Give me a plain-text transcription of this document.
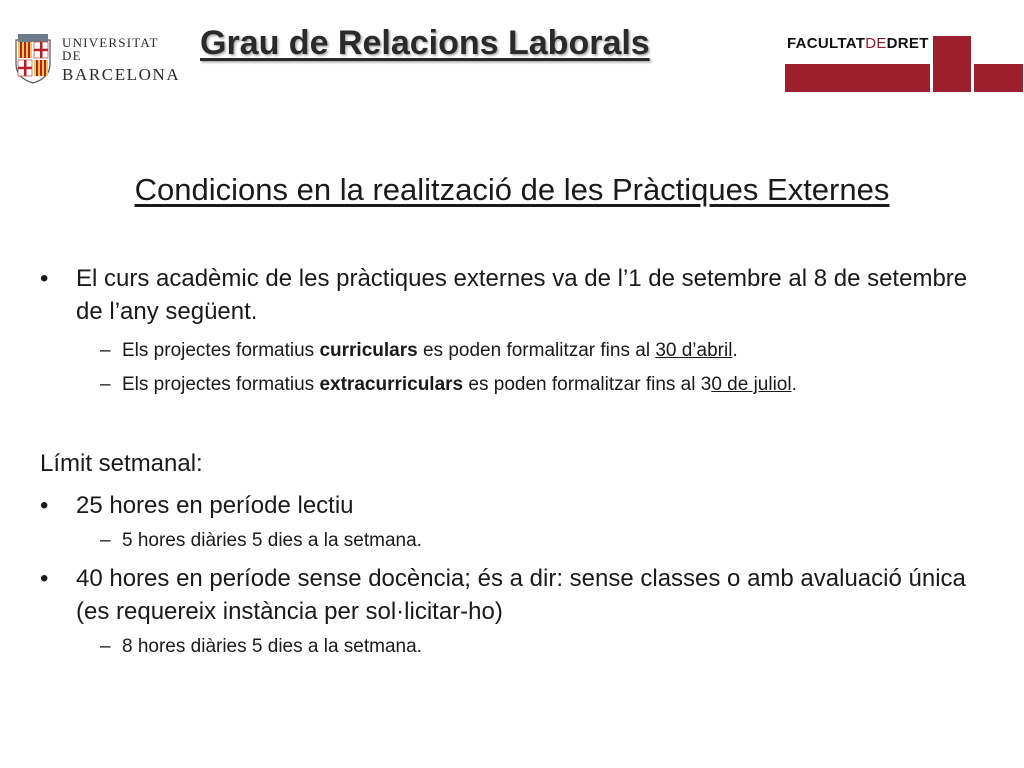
UNIVERSITAT DE
BARCELONA
Grau de Relacions Laborals	FACULTATDEDRET
Condicions en la realització de les Pràctiques Externes
• El curs acadèmic de les pràctiques externes va de l’1 de setembre al 8 de setembre de l’any següent.
– Els projectes formatius curriculars es poden formalitzar fins al 30 d’abril.
– Els projectes formatius extracurriculars es poden formalitzar fins al 30 de juliol.
Límit setmanal:
• 25 hores en període lectiu
– 5 hores diàries 5 dies a la setmana.
• 40 hores en període sense docència; és a dir: sense classes o amb avaluació única (es requereix instància per sol·licitar-ho)
– 8 hores diàries 5 dies a la setmana.
